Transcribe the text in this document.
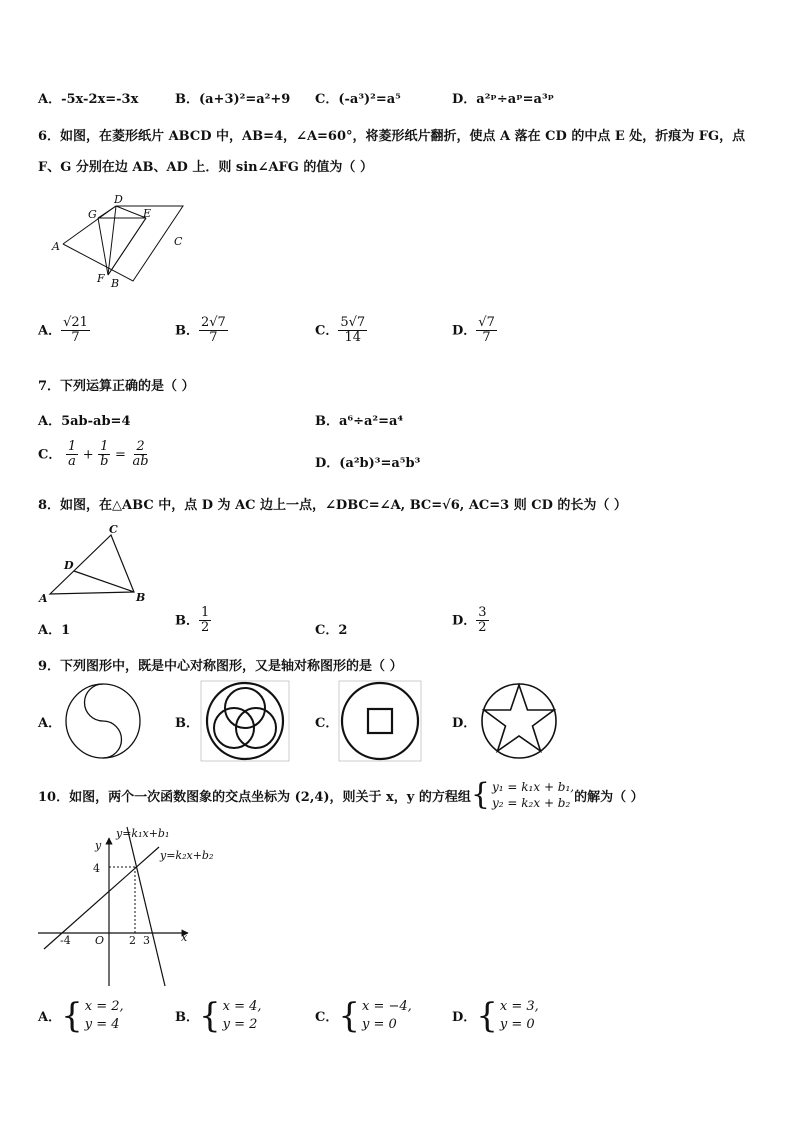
A．-5x-2x=-3x	B．(a+3)²=a²+9 C．(-a³)²=a⁵	D．a²ᵖ÷aᵖ=a³ᵖ
6．如图，在菱形纸片 ABCD 中，AB=4，∠A=60°，将菱形纸片翻折，使点 A 落在 CD 的中点 E 处，折痕为 FG，点
F、G 分别在边 AB、AD 上．则 sin∠AFG 的值为（ ）
G
D
E
A	C
F B
A． $\frac{√21}{7}$	B． $\frac{2√7}{7}$	C． $\frac{5√7}{14}$	D． $\frac{√7}{7}$
7．下列运算正确的是（ ）
A．5ab-ab=4	B．a⁶÷a²=a⁴
C． $\frac{1}{a} + \frac{1}{b} = \frac{2}{ab}$	D．(a²b)³=a⁵b³
8．如图，在△ABC 中，点 D 为 AC 边上一点，∠DBC=∠A, BC=√6, AC=3 则 CD 的长为（ ）
C
D
A	B
A．1
B． $\frac{1}{2}$	C．2
D． $\frac{3}{2}$
9．下列图形中，既是中心对称图形，又是轴对称图形的是（ ）
A．	B．	C．	D．
10．如图，两个一次函数图象的交点坐标为 (2,4)，则关于 x，y 的方程组 { y₁ = k₁x + b₁,
y₂ = k₂x + b₂ 的解为（ ）
y=k₁x+b₁
y=k₂x+b₂
y
x
O
-4	2 3
4
A． { x = 2,
y = 4	B． { x = 4,
y = 2	C． { x = −4,
y = 0	D． { x = 3,
y = 0
